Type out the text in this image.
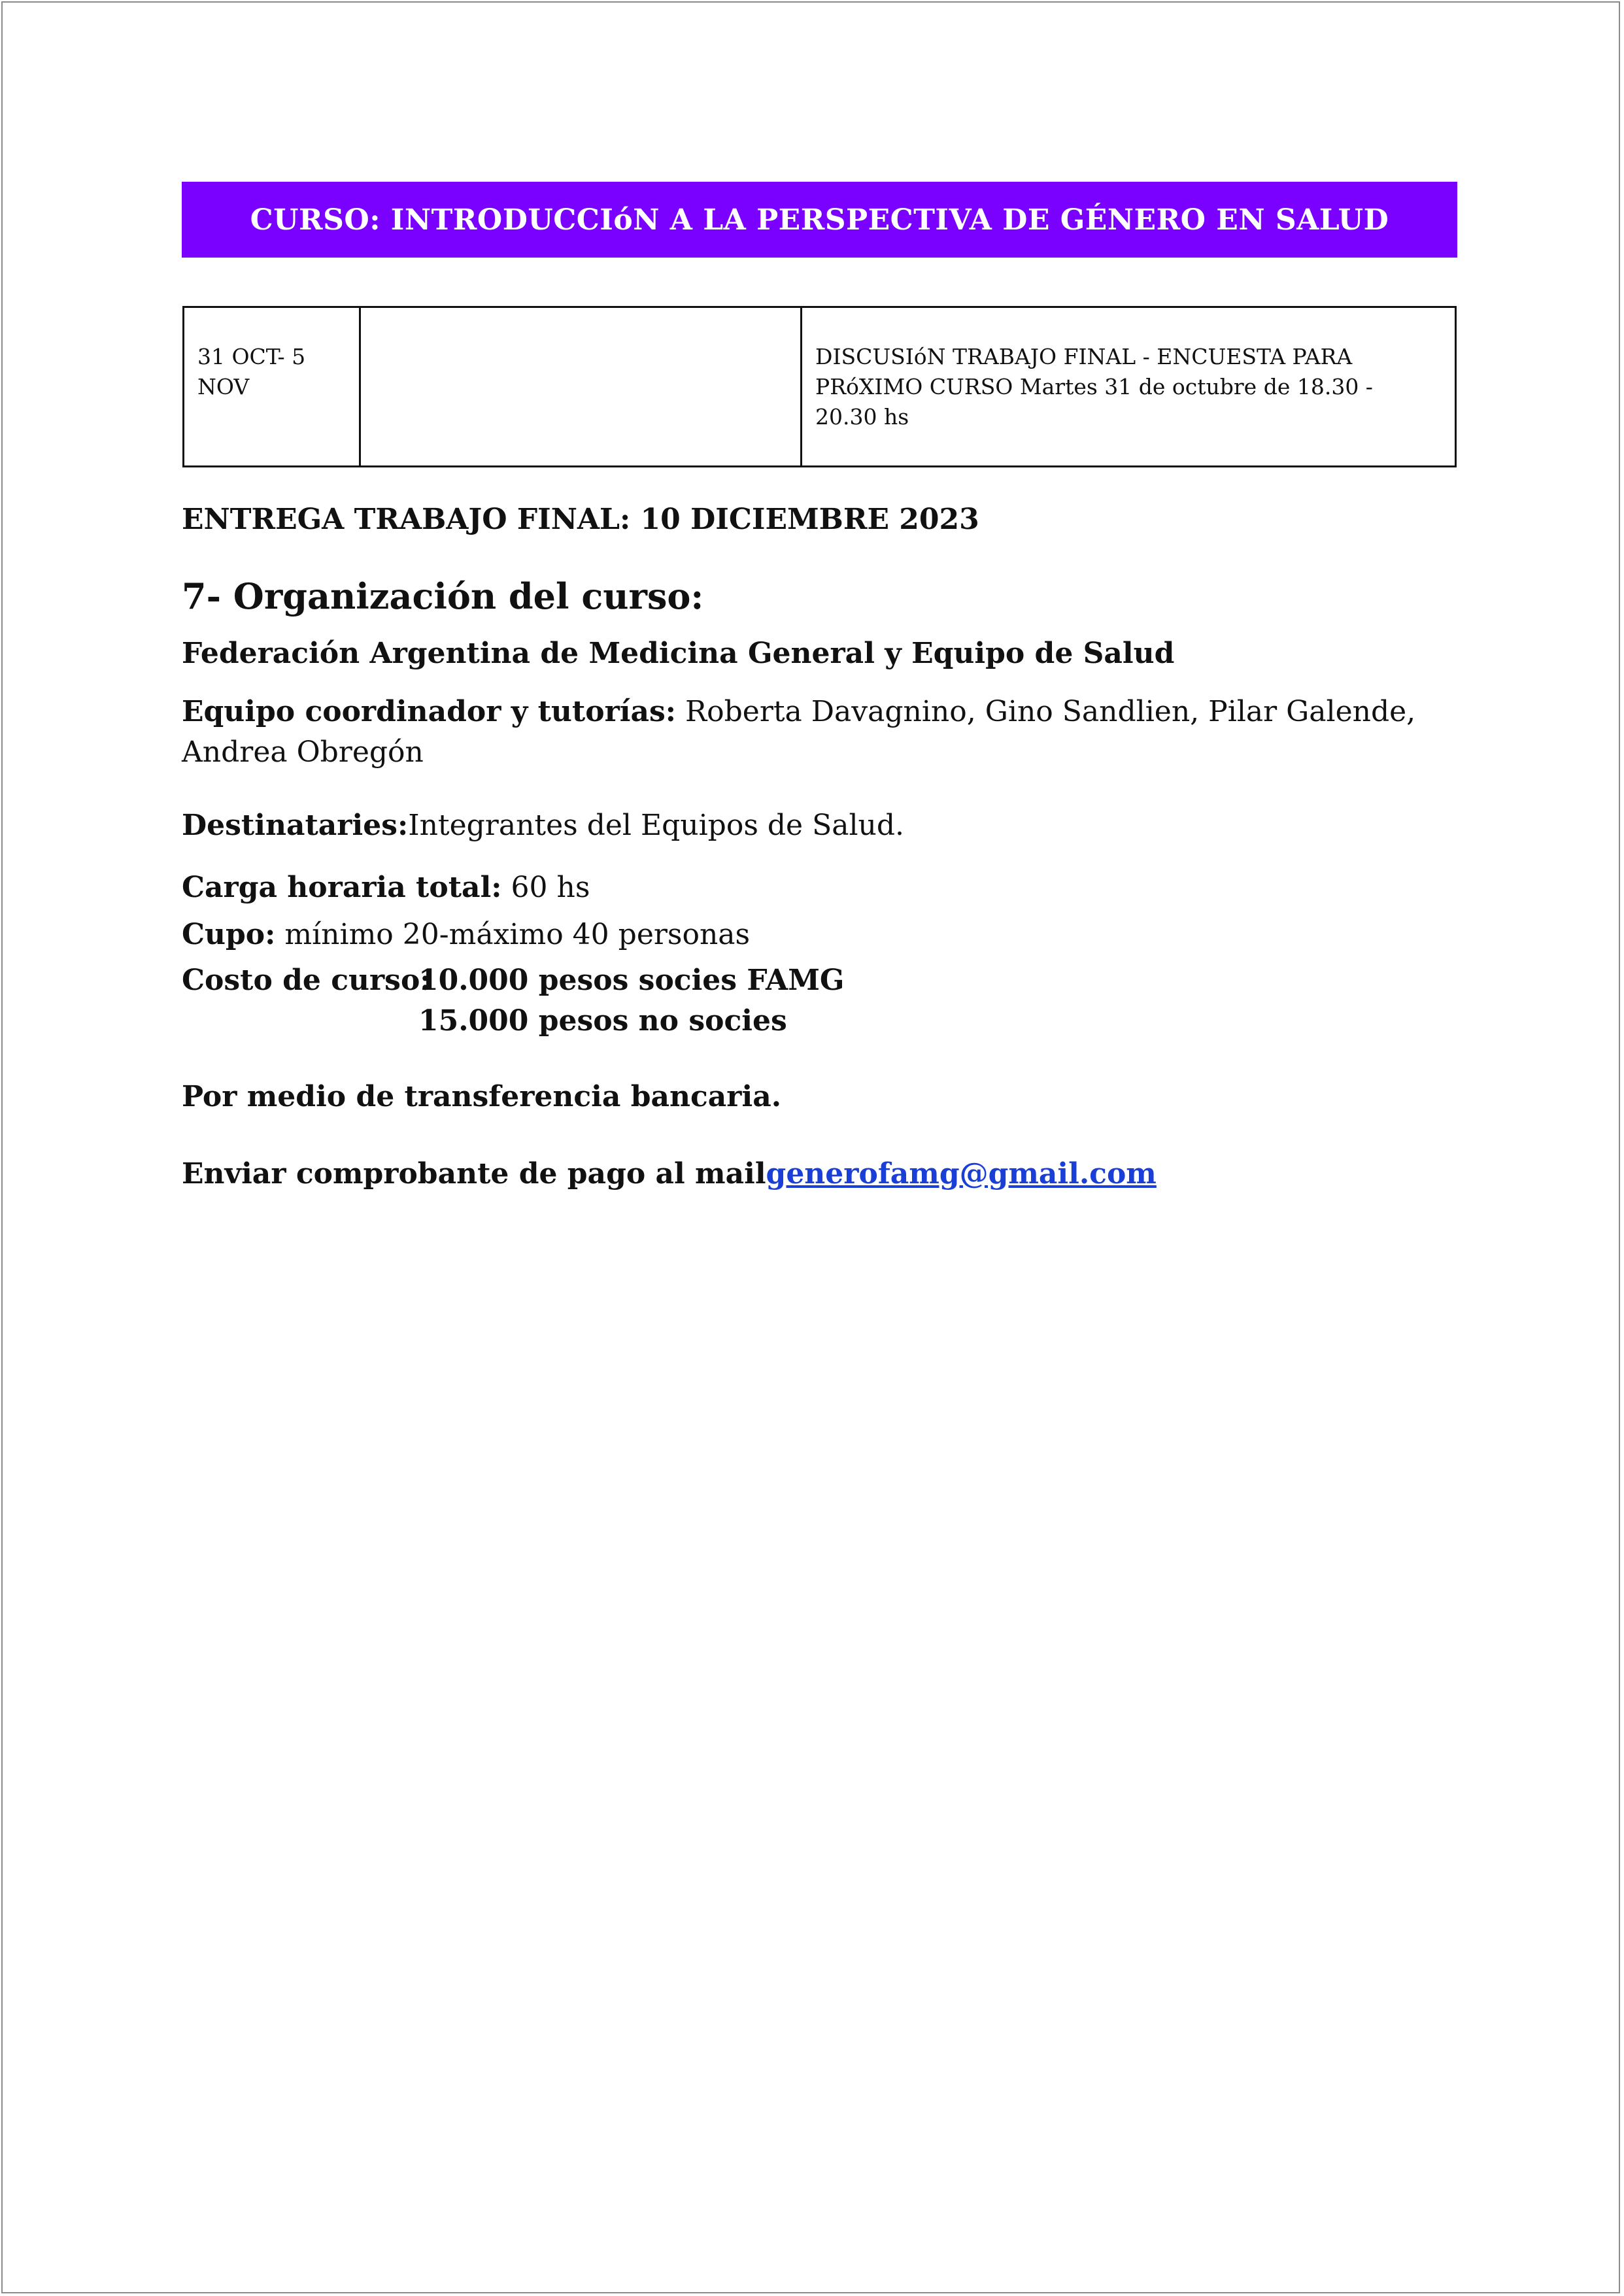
CURSO: INTRODUCCIóN A LA PERSPECTIVA DE GÉNERO EN SALUD
31 OCT- 5 NOV
DISCUSIóN TRABAJO FINAL - ENCUESTA PARA PRóXIMO CURSO Martes 31 de octubre de 18.30 - 20.30 hs
ENTREGA TRABAJO FINAL: 10 DICIEMBRE 2023
7- Organización del curso:
Federación Argentina de Medicina General y Equipo de Salud
Equipo coordinador y tutorías: Roberta Davagnino, Gino Sandlien, Pilar Galende, Andrea Obregón
Destinataries:Integrantes del Equipos de Salud.
Carga horaria total: 60 hs
Cupo: mínimo 20-máximo 40 personas
Costo de curso:10.000 pesos socies FAMG
15.000 pesos no socies
Por medio de transferencia bancaria.
Enviar comprobante de pago al mailgenerofamg@gmail.com
